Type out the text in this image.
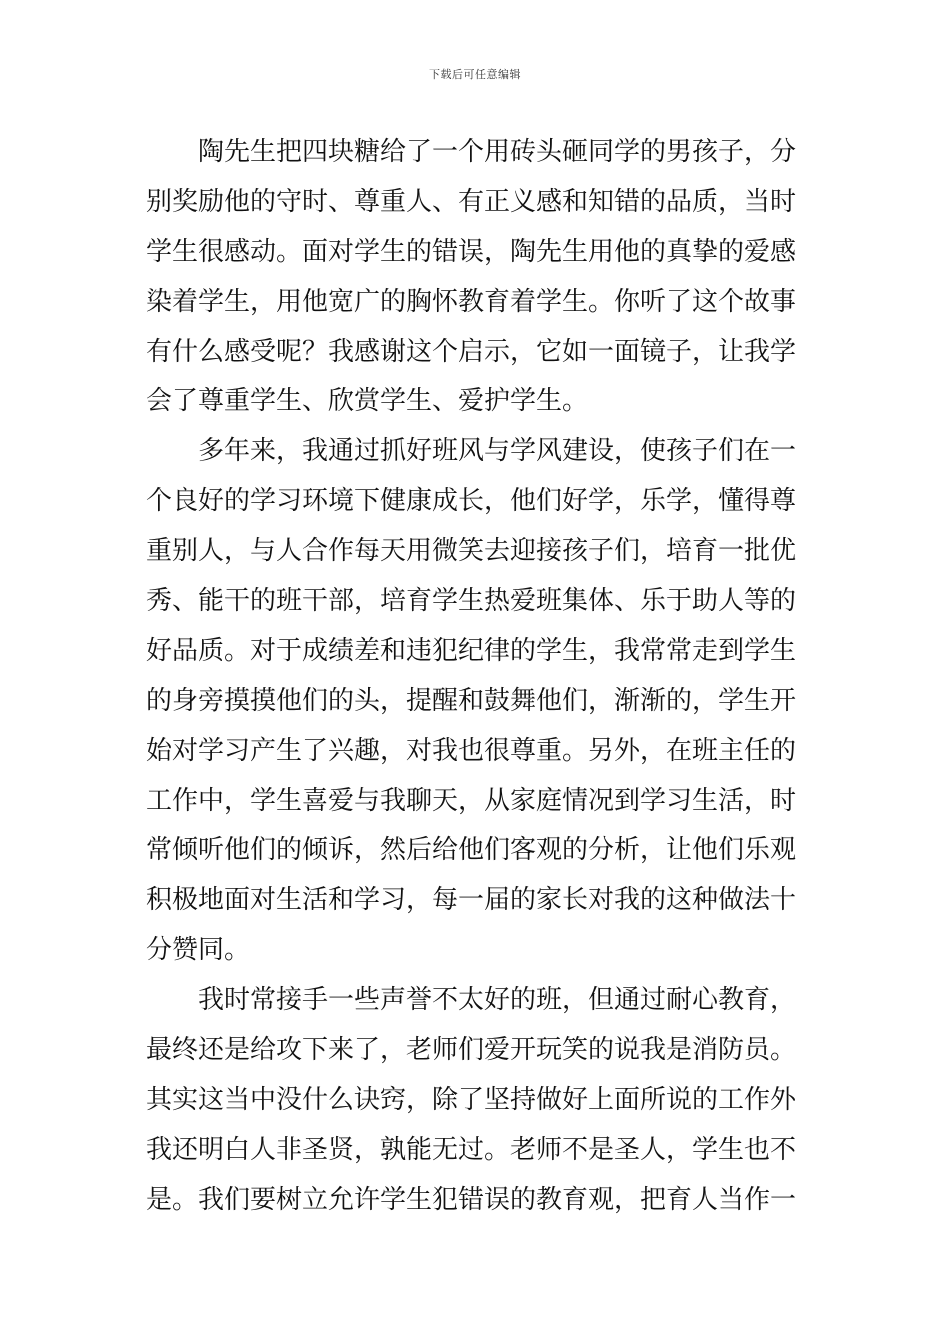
下载后可任意编辑
陶先生把四块糖给了一个用砖头砸同学的男孩子，分
别奖励他的守时、尊重人、有正义感和知错的品质，当时
学生很感动。面对学生的错误，陶先生用他的真挚的爱感
染着学生，用他宽广的胸怀教育着学生。你听了这个故事
有什么感受呢？我感谢这个启示，它如一面镜子，让我学
会了尊重学生、欣赏学生、爱护学生。
多年来，我通过抓好班风与学风建设，使孩子们在一
个良好的学习环境下健康成长，他们好学，乐学，懂得尊
重别人，与人合作每天用微笑去迎接孩子们，培育一批优
秀、能干的班干部，培育学生热爱班集体、乐于助人等的
好品质。对于成绩差和违犯纪律的学生，我常常走到学生
的身旁摸摸他们的头，提醒和鼓舞他们，渐渐的，学生开
始对学习产生了兴趣，对我也很尊重。另外，在班主任的
工作中，学生喜爱与我聊天，从家庭情况到学习生活，时
常倾听他们的倾诉，然后给他们客观的分析，让他们乐观
积极地面对生活和学习，每一届的家长对我的这种做法十
分赞同。
我时常接手一些声誉不太好的班，但通过耐心教育，
最终还是给攻下来了，老师们爱开玩笑的说我是消防员。
其实这当中没什么诀窍，除了坚持做好上面所说的工作外
我还明白人非圣贤，孰能无过。老师不是圣人，学生也不
是。我们要树立允许学生犯错误的教育观，把育人当作一
